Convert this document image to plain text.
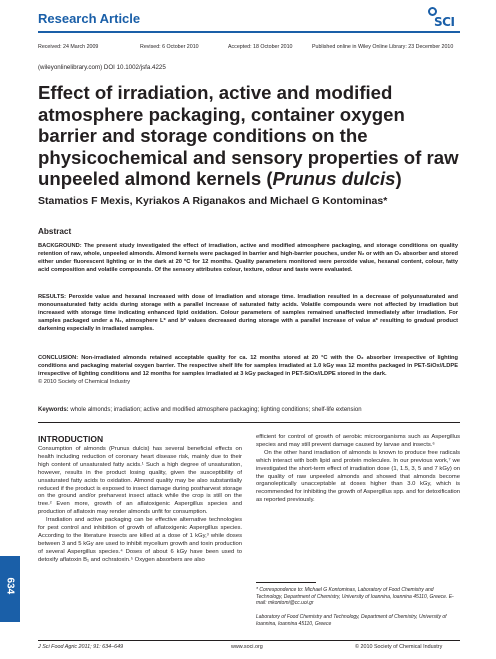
Research Article	SCI
Received: 24 March 2009	Revised: 6 October 2010	Accepted: 18 October 2010	Published online in Wiley Online Library: 23 December 2010
(wileyonlinelibrary.com) DOI 10.1002/jsfa.4225
Effect of irradiation, active and modified atmosphere packaging, container oxygen barrier and storage conditions on the physicochemical and sensory properties of raw unpeeled almond kernels (Prunus dulcis)
Stamatios F Mexis, Kyriakos A Riganakos and Michael G Kontominas*
Abstract
BACKGROUND: The present study investigated the effect of irradiation, active and modified atmosphere packaging, and storage conditions on quality retention of raw, whole, unpeeled almonds. Almond kernels were packaged in barrier and high-barrier pouches, under N₂ or with an O₂ absorber and stored either under fluorescent lighting or in the dark at 20 °C for 12 months. Quality parameters monitored were peroxide value, hexanal content, colour, fatty acid composition and volatile compounds. Of the sensory attributes colour, texture, odour and taste were evaluated.
RESULTS: Peroxide value and hexanal increased with dose of irradiation and storage time. Irradiation resulted in a decrease of polyunsaturated and monounsaturated fatty acids during storage with a parallel increase of saturated fatty acids. Volatile compounds were not affected by irradiation but increased with storage time indicating enhanced lipid oxidation. Colour parameters of samples remained unaffected immediately after irradiation. For samples packaged under a N₂, atmosphere L* and b* values decreased during storage with a parallel increase of value a* resulting to gradual product darkening especially in irradiated samples.
CONCLUSION: Non-irradiated almonds retained acceptable quality for ca. 12 months stored at 20 °C with the O₂ absorber irrespective of lighting conditions and packaging material oxygen barrier. The respective shelf life for samples irradiated at 1.0 kGy was 12 months packaged in PET-SiOx//LDPE irrespective of lighting conditions and 12 months for samples irradiated at 3 kGy packaged in PET-SiOx//LDPE stored in the dark.
© 2010 Society of Chemical Industry
Keywords: whole almonds; irradiation; active and modified atmosphere packaging; lighting conditions; shelf-life extension
INTRODUCTION

Consumption of almonds (Prunus dulcis) has several beneficial effects on health including reduction of coronary heart disease risk, mainly due to their high content of unsaturated fatty acids.¹ Such a high degree of unsaturation, however, results in the product losing quality, given the susceptibility of unsaturated fatty acids to oxidation. Almond quality may be also substantially reduced if the product is exposed to insect damage during postharvest storage on the ground and/or preharvest insect attack while the crop is still on the tree.² Even more, growth of an aflatoxigenic Aspergillus species and production of aflatoxin may render almonds unfit for consumption.

Irradiation and active packaging can be effective alternative technologies for pest control and inhibition of growth of aflatoxigenic Aspergillus species. According to the literature insects are killed at a dose of 1 kGy,³ while doses between 3 and 5 kGy are used to inhibit mycelium growth and toxin production of several Aspergillus species.⁴ Doses of about 6 kGy have been used to detoxify aflatoxin B₁ and ochratoxin.⁵ Oxygen absorbers are also

efficient for control of growth of aerobic microorganisms such as Aspergillus species and may still prevent damage caused by larvae and insects.⁶

On the other hand irradiation of almonds is known to produce free radicals which interact with both lipid and protein molecules. In our previous work,⁷ we investigated the short-term effect of irradiation dose (1, 1.5, 3, 5 and 7 kGy) on the quality of raw unpeeled almonds and showed that almonds become organoleptically unacceptable at doses higher than 3.0 kGy, which is recommended for inhibiting the growth of Aspergillus spp. and for detoxification as reported previously.

* Correspondence to: Michael G Kontominas, Laboratory of Food Chemistry and Technology, Department of Chemistry, University of Ioannina, Ioannina 45110, Greece. E-mail: mkontomi@cc.uoi.gr
Laboratory of Food Chemistry and Technology, Department of Chemistry, University of Ioannina, Ioannina 45110, Greece
634
J Sci Food Agric 2011; 91: 634–649	www.soci.org	© 2010 Society of Chemical Industry
